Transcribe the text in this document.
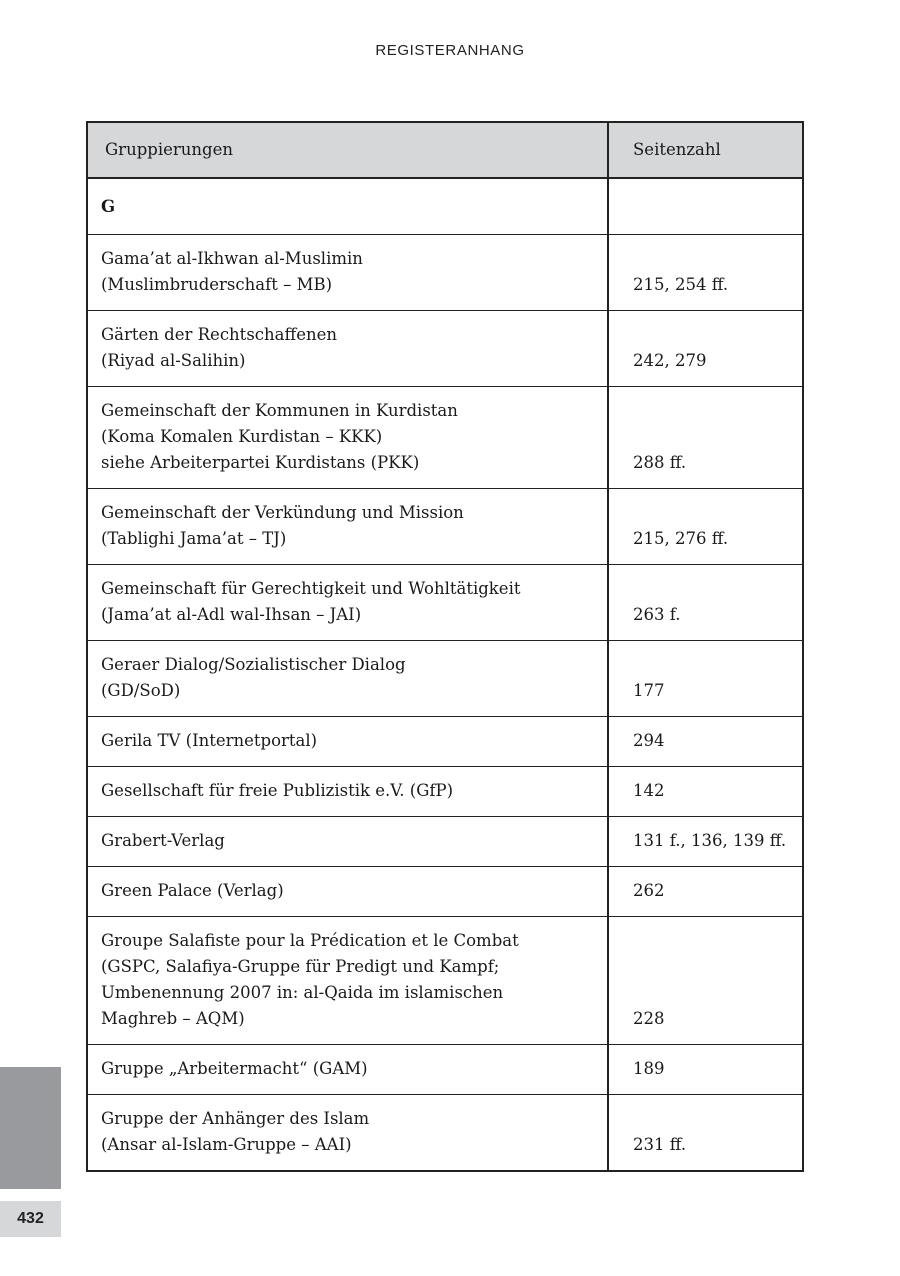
REGISTERANHANG
Gruppierungen	Seitenzahl
G	

Gama’at al-Ikhwan al-Muslimin
(Muslimbruderschaft – MB)	215, 254 ff.

Gärten der Rechtschaffenen
(Riyad al-Salihin)	242, 279

Gemeinschaft der Kommunen in Kurdistan
(Koma Komalen Kurdistan – KKK)
siehe Arbeiterpartei Kurdistans (PKK)	288 ff.

Gemeinschaft der Verkündung und Mission
(Tablighi Jama’at – TJ)	215, 276 ff.

Gemeinschaft für Gerechtigkeit und Wohltätigkeit
(Jama’at al-Adl wal-Ihsan – JAI)	263 f.

Geraer Dialog/Sozialistischer Dialog
(GD/SoD)	177

Gerila TV (Internetportal)	294

Gesellschaft für freie Publizistik e.V. (GfP)	142

Grabert-Verlag	131 f., 136, 139 ff.

Green Palace (Verlag)	262

Groupe Salafiste pour la Prédication et le Combat
(GSPC, Salafiya-Gruppe für Predigt und Kampf;
Umbenennung 2007 in: al-Qaida im islamischen
Maghreb – AQM)	228

Gruppe „Arbeitermacht“ (GAM)	189

Gruppe der Anhänger des Islam
(Ansar al-Islam-Gruppe – AAI)	231 ff.
432
